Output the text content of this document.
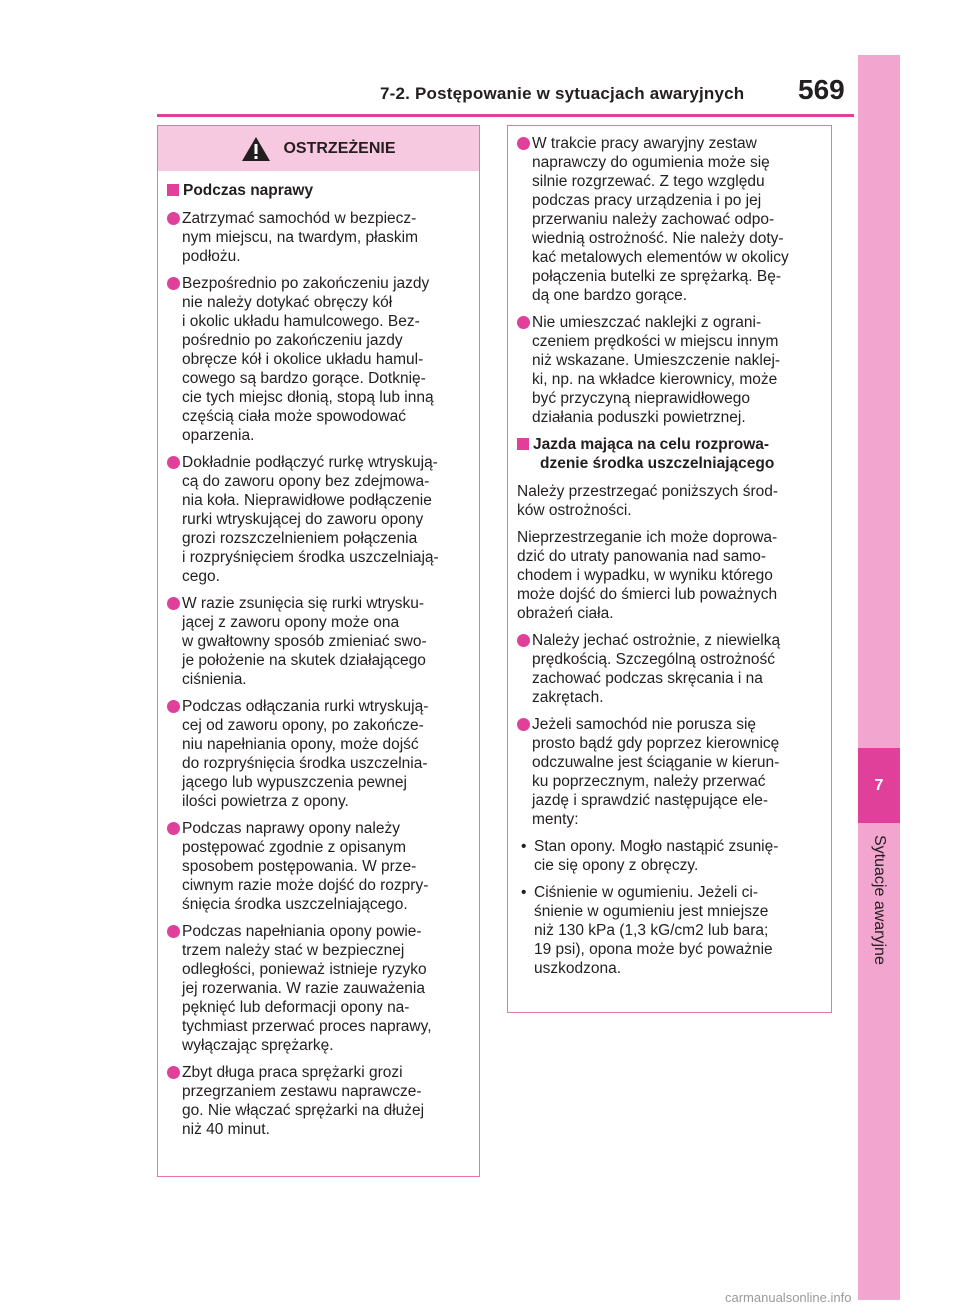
7-2. Postępowanie w sytuacjach awaryjnych 569
7
Sytuacje awaryjne
OSTRZEŻENIE
Podczas naprawy
Zatrzymać samochód w bezpiecz-
nym miejscu, na twardym, płaskim
podłożu.
Bezpośrednio po zakończeniu jazdy
nie należy dotykać obręczy kół
i okolic układu hamulcowego. Bez-
pośrednio po zakończeniu jazdy
obręcze kół i okolice układu hamul-
cowego są bardzo gorące. Dotknię-
cie tych miejsc dłonią, stopą lub inną
częścią ciała może spowodować
oparzenia.
Dokładnie podłączyć rurkę wtryskują-
cą do zaworu opony bez zdejmowa-
nia koła. Nieprawidłowe podłączenie
rurki wtryskującej do zaworu opony
grozi rozszczelnieniem połączenia
i rozpryśnięciem środka uszczelniają-
cego.
W razie zsunięcia się rurki wtrysku-
jącej z zaworu opony może ona
w gwałtowny sposób zmieniać swo-
je położenie na skutek działającego
ciśnienia.
Podczas odłączania rurki wtryskują-
cej od zaworu opony, po zakończe-
niu napełniania opony, może dojść
do rozpryśnięcia środka uszczelnia-
jącego lub wypuszczenia pewnej
ilości powietrza z opony.
Podczas naprawy opony należy
postępować zgodnie z opisanym
sposobem postępowania. W prze-
ciwnym razie może dojść do rozpry-
śnięcia środka uszczelniającego.
Podczas napełniania opony powie-
trzem należy stać w bezpiecznej
odległości, ponieważ istnieje ryzyko
jej rozerwania. W razie zauważenia
pęknięć lub deformacji opony na-
tychmiast przerwać proces naprawy,
wyłączając sprężarkę.
Zbyt długa praca sprężarki grozi
przegrzaniem zestawu naprawcze-
go. Nie włączać sprężarki na dłużej
niż 40 minut.
W trakcie pracy awaryjny zestaw
naprawczy do ogumienia może się
silnie rozgrzewać. Z tego względu
podczas pracy urządzenia i po jej
przerwaniu należy zachować odpo-
wiednią ostrożność. Nie należy doty-
kać metalowych elementów w okolicy
połączenia butelki ze sprężarką. Bę-
dą one bardzo gorące.
Nie umieszczać naklejki z ograni-
czeniem prędkości w miejscu innym
niż wskazane. Umieszczenie naklej-
ki, np. na wkładce kierownicy, może
być przyczyną nieprawidłowego
działania poduszki powietrznej.
Jazda mająca na celu rozprowa-
dzenie środka uszczelniającego
Należy przestrzegać poniższych środ-
ków ostrożności.
Nieprzestrzeganie ich może doprowa-
dzić do utraty panowania nad samo-
chodem i wypadku, w wyniku którego
może dojść do śmierci lub poważnych
obrażeń ciała.
Należy jechać ostrożnie, z niewielką
prędkością. Szczególną ostrożność
zachować podczas skręcania i na
zakrętach.
Jeżeli samochód nie porusza się
prosto bądź gdy poprzez kierownicę
odczuwalne jest ściąganie w kierun-
ku poprzecznym, należy przerwać
jazdę i sprawdzić następujące ele-
menty:
• Stan opony. Mogło nastąpić zsunię-
cie się opony z obręczy.
• Ciśnienie w ogumieniu. Jeżeli ci-
śnienie w ogumieniu jest mniejsze
niż 130 kPa (1,3 kG/cm2 lub bara;
19 psi), opona może być poważnie
uszkodzona.
carmanualsonline.info
